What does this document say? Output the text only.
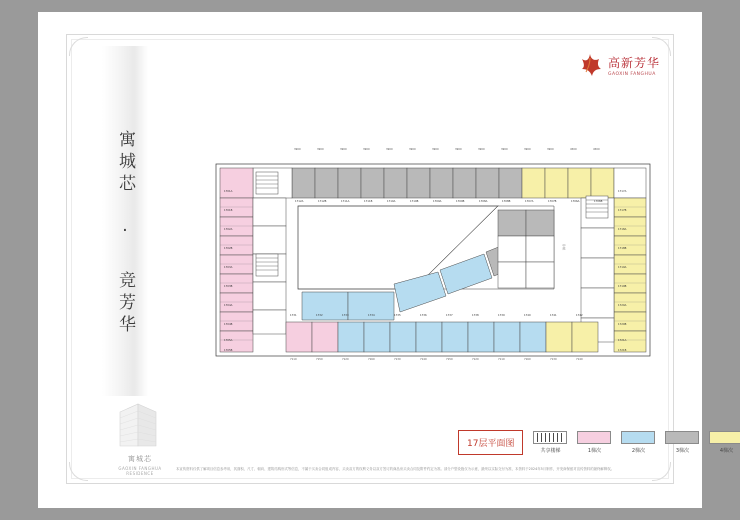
高新芳华
GAOXIN FANGHUA
寓城芯 · 竞芳华
寓城芯
GAOXIN FANGHUA RESIDENCE
3900	3900	3900	3900	3900	3900	3900	3900	3900	3900	3900	3900	4500	4500
1712A	1712B	1711A	1711B	1710A	1710B	1709A	1709B	1708A	1708B	1707A	1707B	1706A	1706B
1701A
1701B
1702A
1702B
1703A
1703B
1704A
1704B
1705A
1705B
1717A
1717B
1718A
1718B
1719A
1719B
1720A
1720B
1721A
1721B
7110	7150	7120	7160	7130	7140	7150	7120	7110	7160	7130	7140
1731	1732	1733	1734	1735	1736	1737	1738	1739	1740	1741	1742
中庭
17层平面图
共享楼梯	1梯次	2梯次	3梯次	4梯次
本宣传资料仅供了解项目信息参考用，其面积、尺寸、朝向、建筑结构形式等信息，不属于买卖合同组成内容，买卖双方的权利义务以双方签订的商品房买卖合同及附件约定为准。部分户型设施仅为示意，最终以实际交付为准，本资料于2024年5月制作，开发商保留对宣传资料的最终解释权。
